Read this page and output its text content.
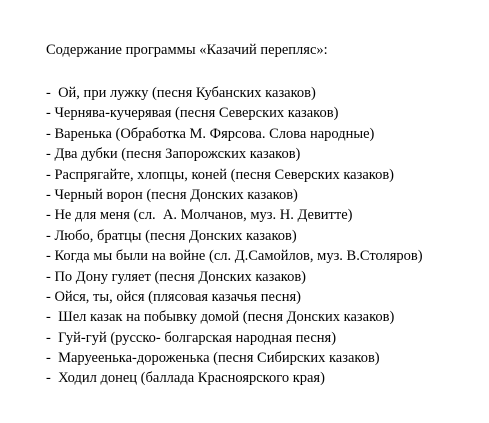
Содержание программы «Казачий перепляс»:
-  Ой, при лужку (песня Кубанских казаков)
- Чернява-кучерявая (песня Северских казаков)
- Варенька (Обработка М. Фярсова. Слова народные)
- Два дубки (песня Запорожских казаков)
- Распрягайте, хлопцы, коней (песня Северских казаков)
- Черный ворон (песня Донских казаков)
- Не для меня (сл.  А. Молчанов, муз. Н. Девитте)
- Любо, братцы (песня Донских казаков)
- Когда мы были на войне (сл. Д.Самойлов, муз. В.Столяров)
- По Дону гуляет (песня Донских казаков)
- Ойся, ты, ойся (плясовая казачья песня)
-  Шел казак на побывку домой (песня Донских казаков)
-  Гуй-гуй (русско- болгарская народная песня)
-  Маруеенька-дороженька (песня Сибирских казаков)
-  Ходил донец (баллада Красноярского края)
